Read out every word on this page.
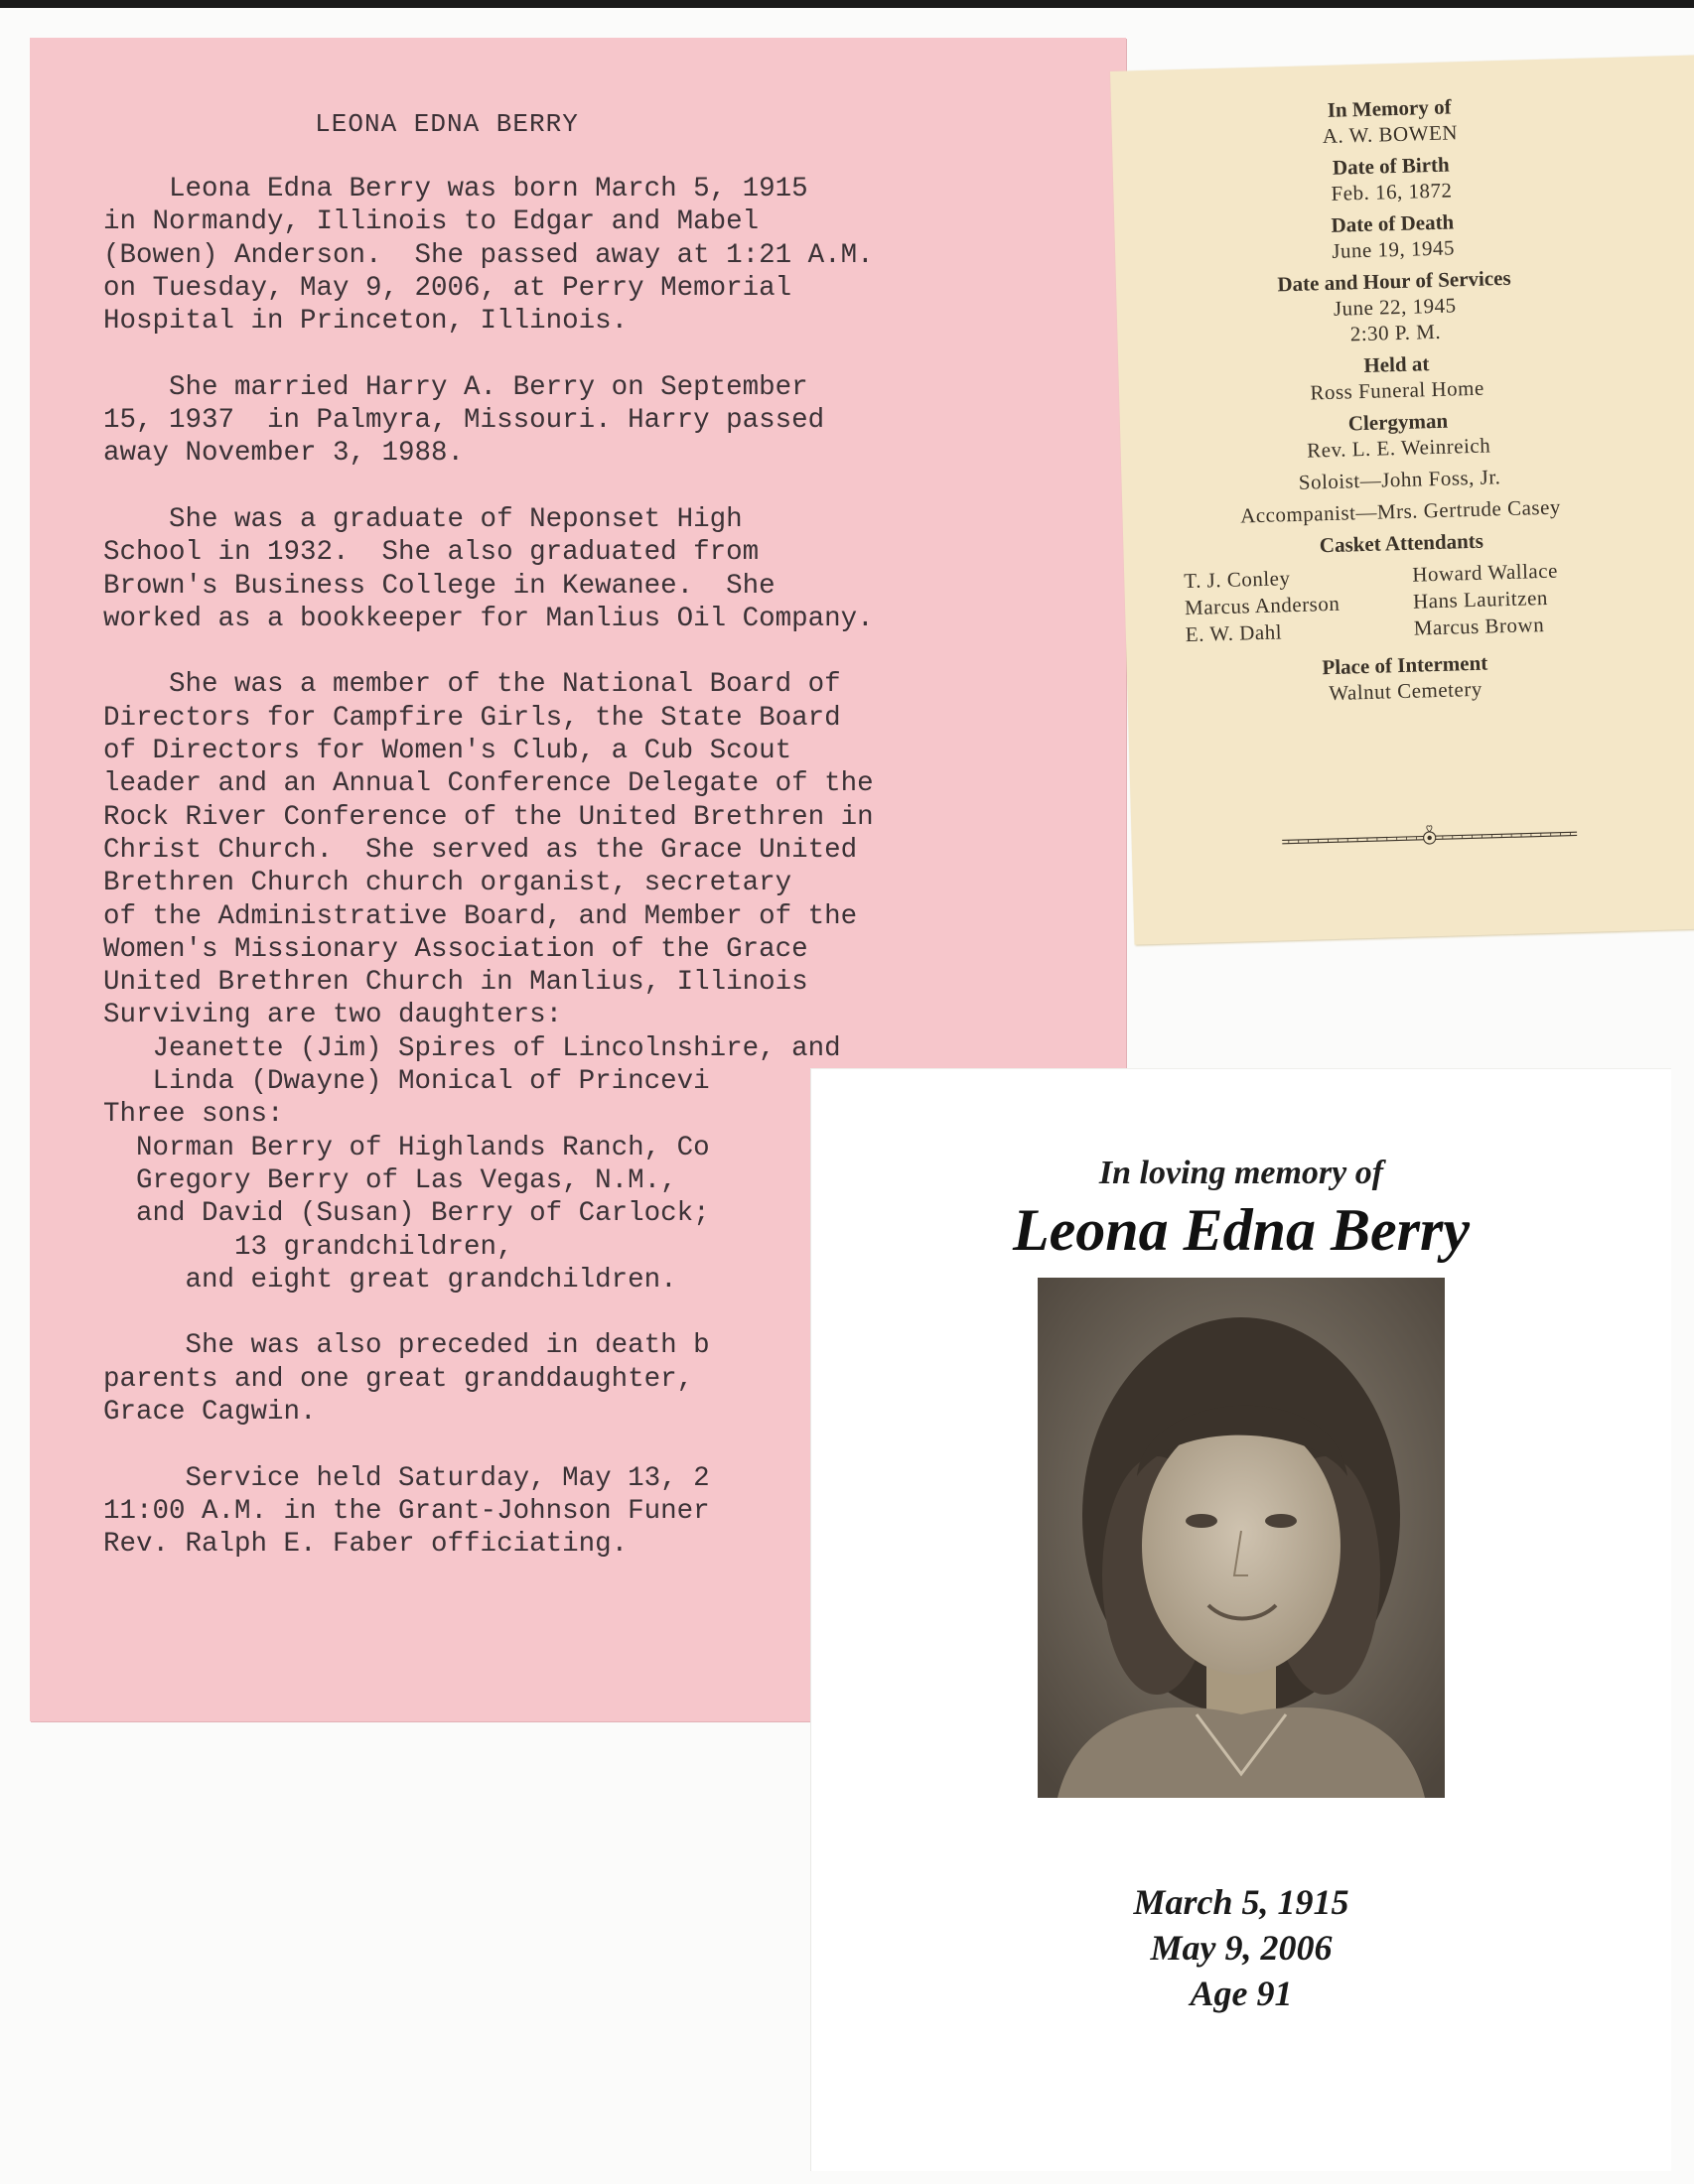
LEONA EDNA BERRY
Leona Edna Berry was born March 5, 1915
in Normandy, Illinois to Edgar and Mabel
(Bowen) Anderson.  She passed away at 1:21 A.M.
on Tuesday, May 9, 2006, at Perry Memorial
Hospital in Princeton, Illinois.
She married Harry A. Berry on September
15, 1937  in Palmyra, Missouri. Harry passed
away November 3, 1988.
She was a graduate of Neponset High
School in 1932.  She also graduated from
Brown's Business College in Kewanee.  She
worked as a bookkeeper for Manlius Oil Company.
She was a member of the National Board of
Directors for Campfire Girls, the State Board
of Directors for Women's Club, a Cub Scout
leader and an Annual Conference Delegate of the
Rock River Conference of the United Brethren in
Christ Church.  She served as the Grace United
Brethren Church church organist, secretary
of the Administrative Board, and Member of the
Women's Missionary Association of the Grace
United Brethren Church in Manlius, Illinois
Surviving are two daughters:
Jeanette (Jim) Spires of Lincolnshire, and
Linda (Dwayne) Monical of Princevi
Three sons:
Norman Berry of Highlands Ranch, Co
Gregory Berry of Las Vegas, N.M.,
and David (Susan) Berry of Carlock;
13 grandchildren,
and eight great grandchildren.
She was also preceded in death b
parents and one great granddaughter,
Grace Cagwin.
Service held Saturday, May 13, 2
11:00 A.M. in the Grant-Johnson Funer
Rev. Ralph E. Faber officiating.
In Memory of
A. W. BOWEN
Date of Birth
Feb. 16, 1872
Date of Death
June 19, 1945
Date and Hour of Services
June 22, 1945
2:30 P. M.
Held at
Ross Funeral Home
Clergyman
Rev. L. E. Weinreich
Soloist—John Foss, Jr.
Accompanist—Mrs. Gertrude Casey
Casket Attendants
T. J. Conley
Marcus Anderson
E. W. Dahl
Howard Wallace
Hans Lauritzen
Marcus Brown
Place of Interment
Walnut Cemetery
In loving memory of
Leona Edna Berry
March 5, 1915
May 9, 2006
Age 91
